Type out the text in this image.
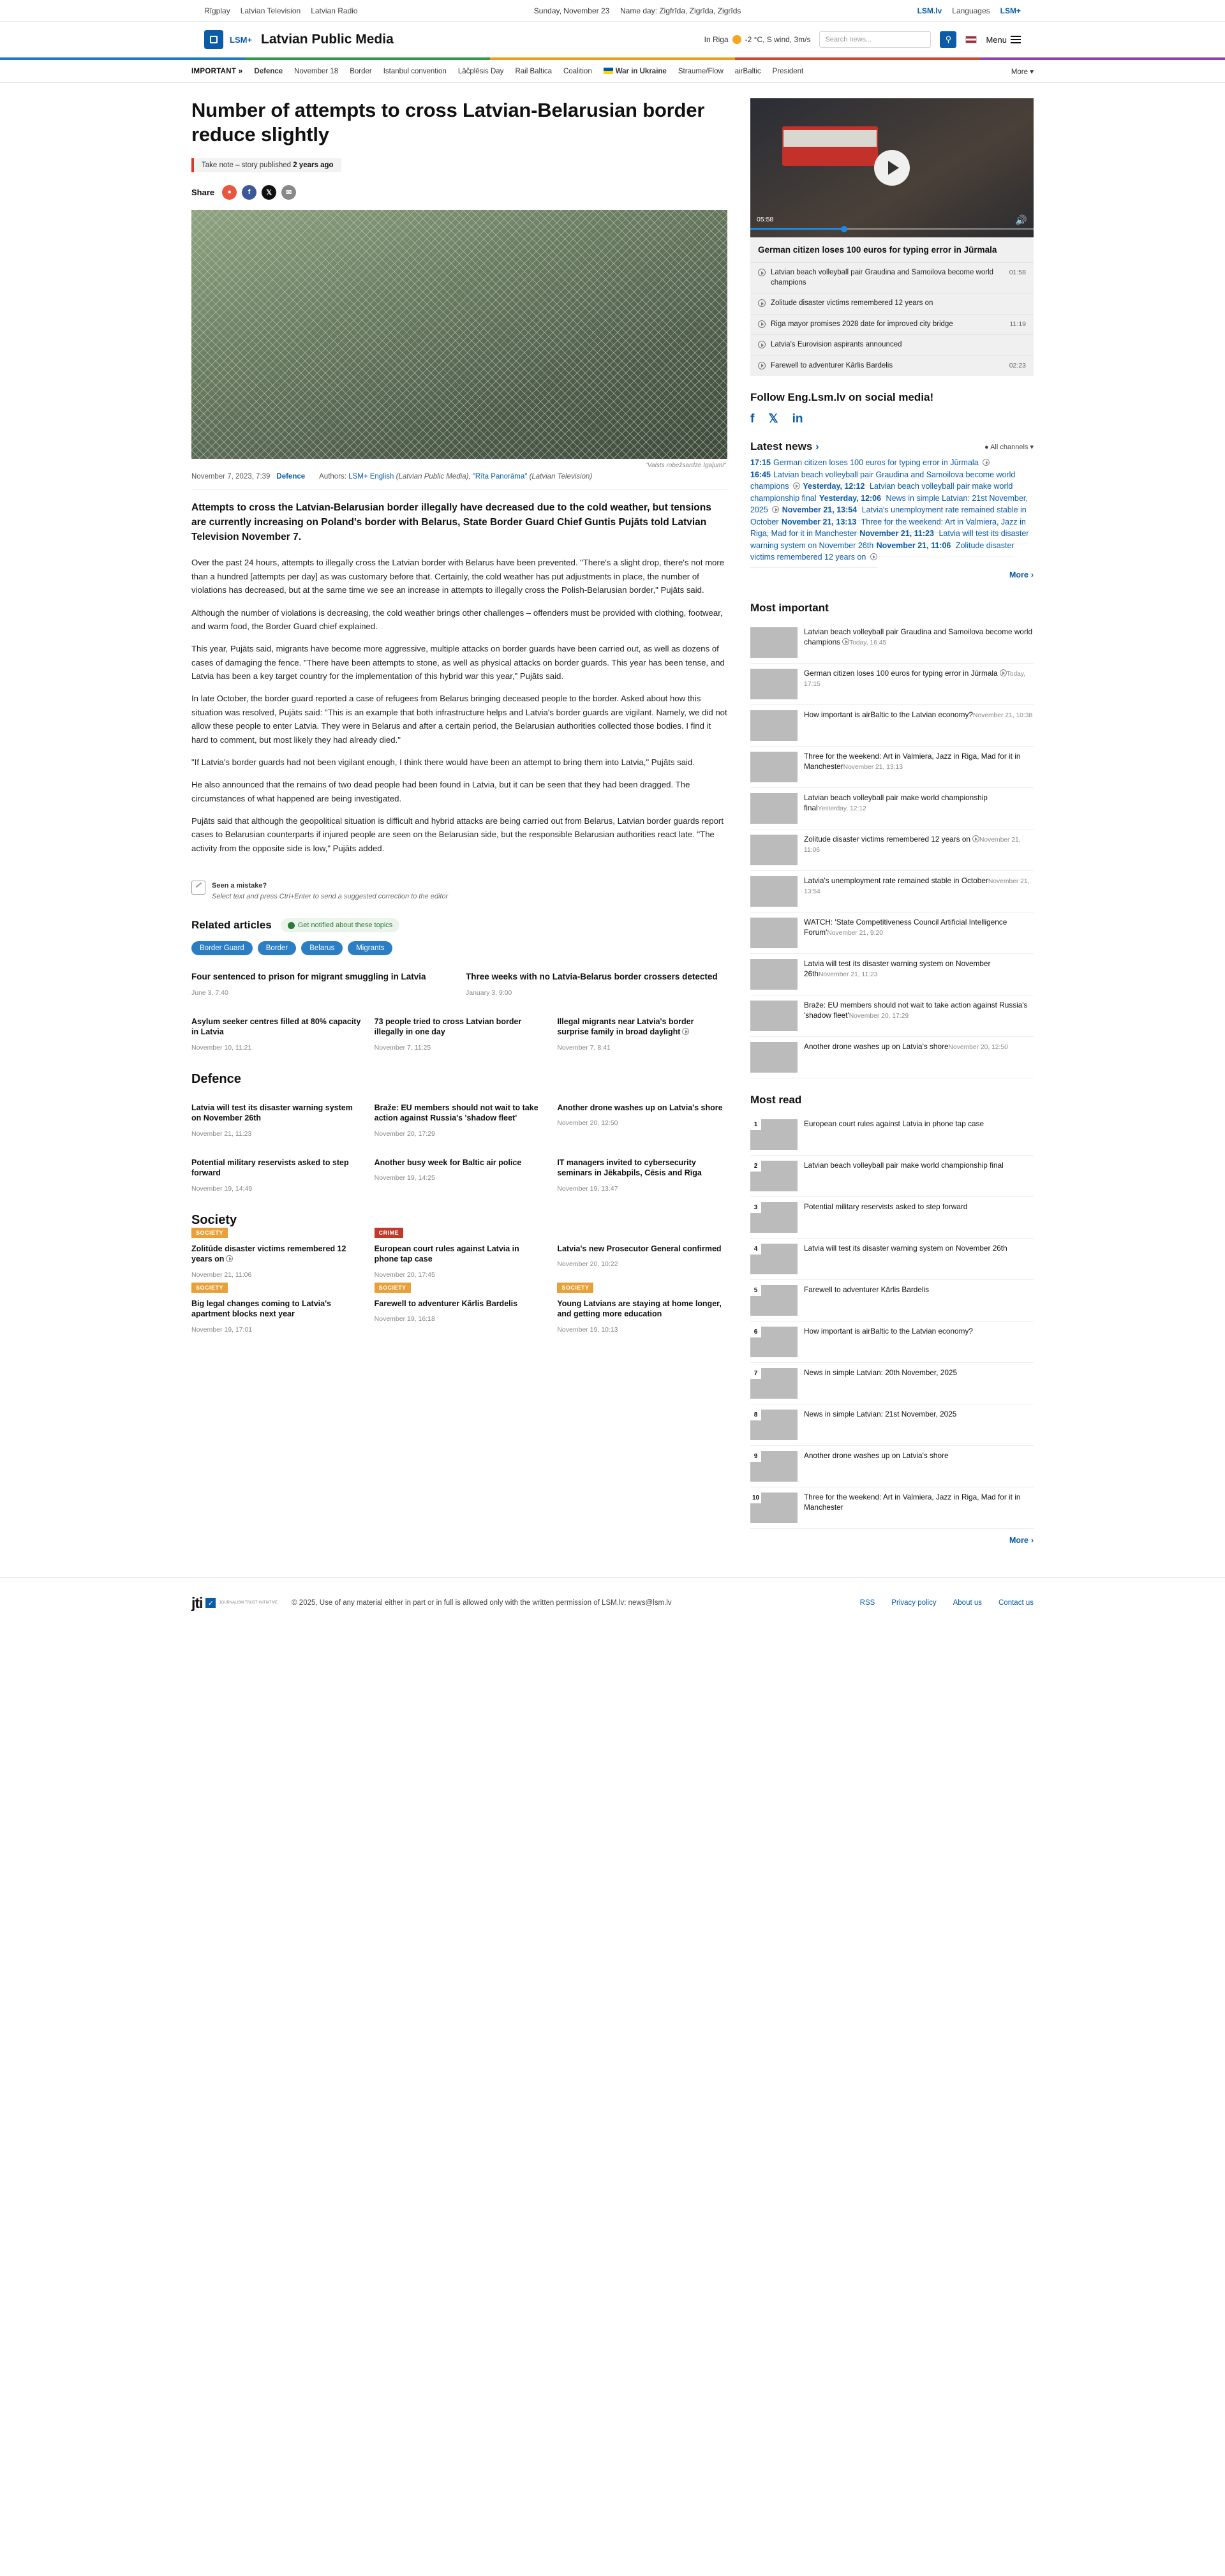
Rīgplay Latvian Television Latvian Radio	Sunday, November 23 Name day: Zigfrīda, Zigrīda, Zigrīds	LSM.lv Languages LSM+
LSM+ Latvian Public Media	In Riga -2 °C, S wind, 3m/s Search news...	⚲	Menu
IMPORTANT » Defence November 18 Border Istanbul convention Lāčplēsis Day Rail Baltica Coalition	War in Ukraine Straume/Flow airBaltic President	More ▾
Number of attempts to cross Latvian-Belarusian border reduce slightly
Take note – story published 2 years ago
Share	●	f	𝕏	✉
"Valsts robežsardze Igaļumi"
November 7, 2023, 7:39 Defence Authors: LSM+ English (Latvian Public Media), "Rīta Panorāma" (Latvian Television)
Attempts to cross the Latvian-Belarusian border illegally have decreased due to the cold weather, but tensions are currently increasing on Poland's border with Belarus, State Border Guard Chief Guntis Pujāts told Latvian Television November 7.

Over the past 24 hours, attempts to illegally cross the Latvian border with Belarus have been prevented. "There's a slight drop, there's not more than a hundred [attempts per day] as was customary before that. Certainly, the cold weather has put adjustments in place, the number of violations has decreased, but at the same time we see an increase in attempts to illegally cross the Polish-Belarusian border," Pujāts said.

Although the number of violations is decreasing, the cold weather brings other challenges – offenders must be provided with clothing, footwear, and warm food, the Border Guard chief explained.

This year, Pujāts said, migrants have become more aggressive, multiple attacks on border guards have been carried out, as well as dozens of cases of damaging the fence. "There have been attempts to stone, as well as physical attacks on border guards. This year has been tense, and Latvia has been a key target country for the implementation of this hybrid war this year," Pujāts said.

In late October, the border guard reported a case of refugees from Belarus bringing deceased people to the border. Asked about how this situation was resolved, Pujāts said: "This is an example that both infrastructure helps and Latvia's border guards are vigilant. Namely, we did not allow these people to enter Latvia. They were in Belarus and after a certain period, the Belarusian authorities collected those bodies. I find it hard to comment, but most likely they had already died."

"If Latvia's border guards had not been vigilant enough, I think there would have been an attempt to bring them into Latvia," Pujāts said.

He also announced that the remains of two dead people had been found in Latvia, but it can be seen that they had been dragged. The circumstances of what happened are being investigated.

Pujāts said that although the geopolitical situation is difficult and hybrid attacks are being carried out from Belarus, Latvian border guards report cases to Belarusian counterparts if injured people are seen on the Belarusian side, but the responsible Belarusian authorities react late. "The activity from the opposite side is low," Pujāts added.

Seen a mistake?
Select text and press Ctrl+Enter to send a suggested correction to the editor
Related articles	Get notified about these topics
Border Guard	Border	Belarus	Migrants
Four sentenced to prison for migrant smuggling in Latvia
June 3, 7:40
Three weeks with no Latvia-Belarus border crossers detected
January 3, 9:00
Asylum seeker centres filled at 80% capacity in Latvia
November 10, 11:21
73 people tried to cross Latvian border illegally in one day
November 7, 11:25
Illegal migrants near Latvia's border surprise family in broad daylight
November 7, 8:41
Defence
Latvia will test its disaster warning system on November 26th
November 21, 11:23
Braže: EU members should not wait to take action against Russia's 'shadow fleet'
November 20, 17:29
Another drone washes up on Latvia's shore
November 20, 12:50
Potential military reservists asked to step forward
November 19, 14:49
Another busy week for Baltic air police
November 19, 14:25
IT managers invited to cybersecurity seminars in Jēkabpils, Cēsis and Rīga
November 19, 13:47
Society
Zolitūde disaster victims remembered 12 years on
November 21, 11:06
European court rules against Latvia in phone tap case
November 20, 17:45
Latvia's new Prosecutor General confirmed
November 20, 10:22
Big legal changes coming to Latvia's apartment blocks next year
November 19, 17:01
Farewell to adventurer Kārlis Bardelis
November 19, 16:18
Young Latvians are staying at home longer, and getting more education
November 19, 10:13
05:58	🔊
German citizen loses 100 euros for typing error in Jūrmala
Latvian beach volleyball pair Graudina and Samoilova become world champions
01:58
Zolitude disaster victims remembered 12 years on
Riga mayor promises 2028 date for improved city bridge	11:19
Latvia's Eurovision aspirants announced
Farewell to adventurer Kārlis Bardelis	02:23
Follow Eng.Lsm.lv on social media!
f 𝕏 in
Latest news ›	● All channels ▾
17:15 German citizen loses 100 euros for typing error in Jūrmala  16:45 Latvian beach volleyball pair Graudina and Samoilova become world champions Yesterday, 12:12 Latvian beach volleyball pair make world championship final Yesterday, 12:06 News in simple Latvian: 21st November, 2025 November 21, 13:54 Latvia's unemployment rate remained stable in October November 21, 13:13 Three for the weekend: Art in Valmiera, Jazz in Riga, Mad for it in Manchester November 21, 11:23 Latvia will test its disaster warning system on November 26th November 21, 11:06 Zolitude disaster victims remembered 12 years on
More ›
Most important
Latvian beach volleyball pair Graudina and Samoilova become world champions Today, 16:45
German citizen loses 100 euros for typing error in Jūrmala Today, 17:15
How important is airBaltic to the Latvian economy?November 21, 10:38
Three for the weekend: Art in Valmiera, Jazz in Riga, Mad for it in ManchesterNovember 21, 13:13
Latvian beach volleyball pair make world championship finalYesterday, 12:12
Zolitude disaster victims remembered 12 years on November 21, 11:06
Latvia's unemployment rate remained stable in OctoberNovember 21, 13:54
WATCH: 'State Competitiveness Council Artificial Intelligence Forum'November 21, 9:20
Latvia will test its disaster warning system on November 26thNovember 21, 11:23
Braže: EU members should not wait to take action against Russia's 'shadow fleet'November 20, 17:29
Another drone washes up on Latvia's shoreNovember 20, 12:50
Most read
1	European court rules against Latvia in phone tap case
2	Latvian beach volleyball pair make world championship final
3	Potential military reservists asked to step forward
4	Latvia will test its disaster warning system on November 26th
5	Farewell to adventurer Kārlis Bardelis
6	How important is airBaltic to the Latvian economy?
7	News in simple Latvian: 20th November, 2025
8	News in simple Latvian: 21st November, 2025
9	Another drone washes up on Latvia's shore
10	Three for the weekend: Art in Valmiera, Jazz in Riga, Mad for it in Manchester
More ›
jti ✓	JOURNALISM TRUST INITIATIVE © 2025, Use of any material either in part or in full is allowed only with the written permission of LSM.lv: news@lsm.lv	RSS Privacy policy About us Contact us
